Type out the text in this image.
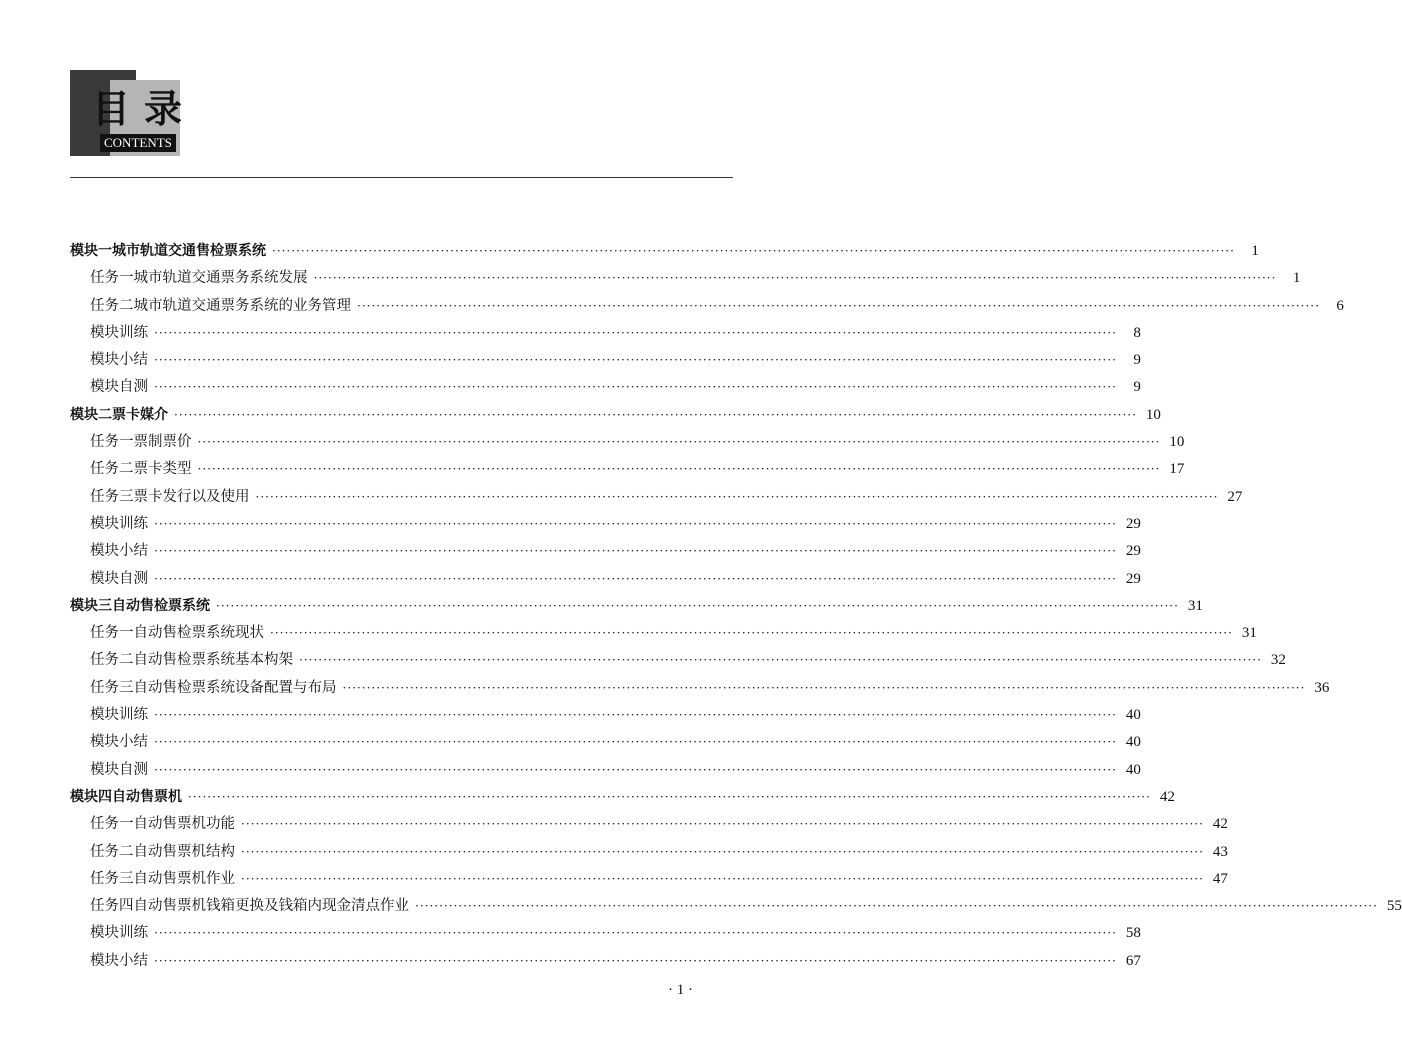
目录
CONTENTS
模块一 城市轨道交通售检票系统 ········································································································································································································	1
任务一 城市轨道交通票务系统发展 ········································································································································································································	1
任务二 城市轨道交通票务系统的业务管理 ········································································································································································································	6
模块训练 ········································································································································································································	8
模块小结 ········································································································································································································	9
模块自测 ········································································································································································································	9
模块二 票卡媒介 ········································································································································································································ 10
任务一 票制票价 ········································································································································································································ 10
任务二 票卡类型 ········································································································································································································ 17
任务三 票卡发行以及使用 ········································································································································································································ 27
模块训练 ········································································································································································································ 29
模块小结 ········································································································································································································ 29
模块自测 ········································································································································································································ 29
模块三 自动售检票系统 ········································································································································································································ 31
任务一 自动售检票系统现状 ········································································································································································································ 31
任务二 自动售检票系统基本构架 ········································································································································································································ 32
任务三 自动售检票系统设备配置与布局 ········································································································································································································ 36
模块训练 ········································································································································································································ 40
模块小结 ········································································································································································································ 40
模块自测 ········································································································································································································ 40
模块四 自动售票机 ········································································································································································································ 42
任务一 自动售票机功能 ········································································································································································································ 42
任务二 自动售票机结构 ········································································································································································································ 43
任务三 自动售票机作业 ········································································································································································································ 47
任务四 自动售票机钱箱更换及钱箱内现金清点作业 ········································································································································································································ 55
模块训练 ········································································································································································································ 58
模块小结 ········································································································································································································ 67
· 1 ·
